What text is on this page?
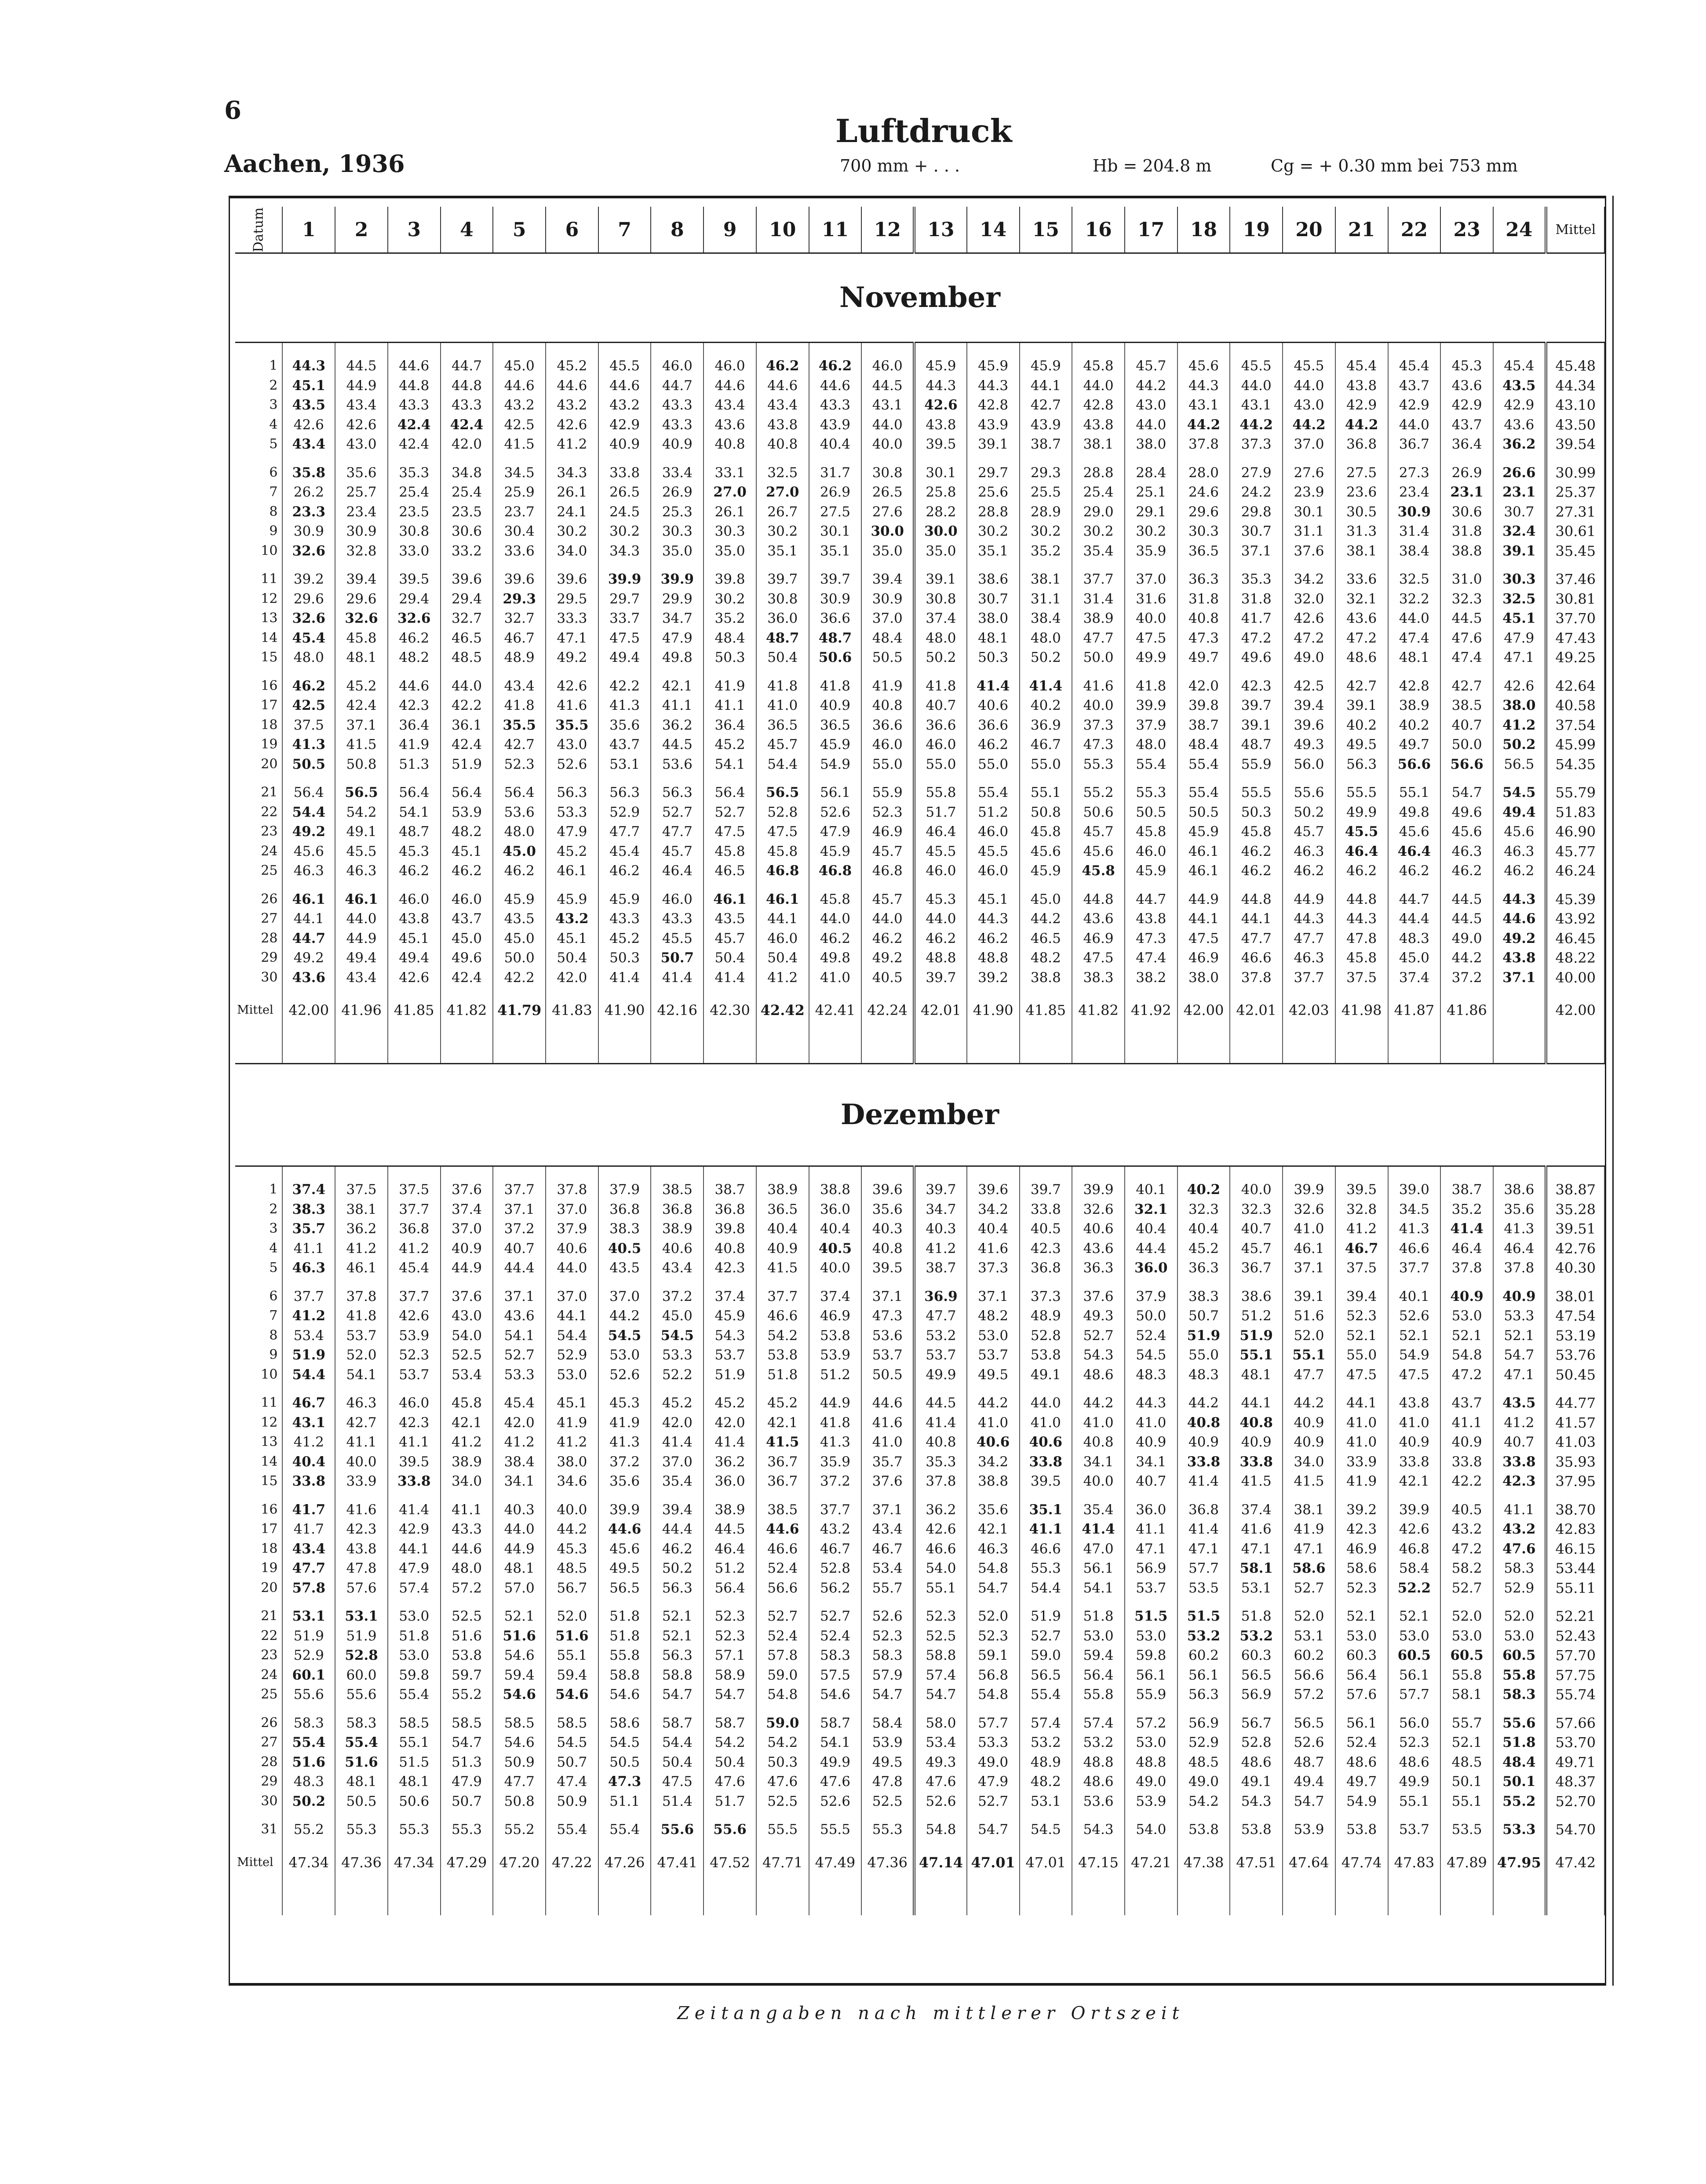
6
Aachen, 1936
Luftdruck
700 mm + . . .	Hb = 204.8 m	Cg = + 0.30 mm bei 753 mm
Datum	1	2	3	4	5	6	7	8	9	10	11	12	13	14	15	16	17	18	19	20	21	22	23	24	Mittel
November																									

1	44.3	44.5	44.6	44.7	45.0	45.2	45.5	46.0	46.0	46.2	46.2	46.0	45.9	45.9	45.9	45.8	45.7	45.6	45.5	45.5	45.4	45.4	45.3	45.4	45.48
2	45.1	44.9	44.8	44.8	44.6	44.6	44.6	44.7	44.6	44.6	44.6	44.5	44.3	44.3	44.1	44.0	44.2	44.3	44.0	44.0	43.8	43.7	43.6	43.5	44.34
3	43.5	43.4	43.3	43.3	43.2	43.2	43.2	43.3	43.4	43.4	43.3	43.1	42.6	42.8	42.7	42.8	43.0	43.1	43.1	43.0	42.9	42.9	42.9	42.9	43.10
4	42.6	42.6	42.4	42.4	42.5	42.6	42.9	43.3	43.6	43.8	43.9	44.0	43.8	43.9	43.9	43.8	44.0	44.2	44.2	44.2	44.2	44.0	43.7	43.6	43.50
5	43.4	43.0	42.4	42.0	41.5	41.2	40.9	40.9	40.8	40.8	40.4	40.0	39.5	39.1	38.7	38.1	38.0	37.8	37.3	37.0	36.8	36.7	36.4	36.2	39.54
6	35.8	35.6	35.3	34.8	34.5	34.3	33.8	33.4	33.1	32.5	31.7	30.8	30.1	29.7	29.3	28.8	28.4	28.0	27.9	27.6	27.5	27.3	26.9	26.6	30.99
7	26.2	25.7	25.4	25.4	25.9	26.1	26.5	26.9	27.0	27.0	26.9	26.5	25.8	25.6	25.5	25.4	25.1	24.6	24.2	23.9	23.6	23.4	23.1	23.1	25.37
8	23.3	23.4	23.5	23.5	23.7	24.1	24.5	25.3	26.1	26.7	27.5	27.6	28.2	28.8	28.9	29.0	29.1	29.6	29.8	30.1	30.5	30.9	30.6	30.7	27.31
9	30.9	30.9	30.8	30.6	30.4	30.2	30.2	30.3	30.3	30.2	30.1	30.0	30.0	30.2	30.2	30.2	30.2	30.3	30.7	31.1	31.3	31.4	31.8	32.4	30.61
10	32.6	32.8	33.0	33.2	33.6	34.0	34.3	35.0	35.0	35.1	35.1	35.0	35.0	35.1	35.2	35.4	35.9	36.5	37.1	37.6	38.1	38.4	38.8	39.1	35.45
11	39.2	39.4	39.5	39.6	39.6	39.6	39.9	39.9	39.8	39.7	39.7	39.4	39.1	38.6	38.1	37.7	37.0	36.3	35.3	34.2	33.6	32.5	31.0	30.3	37.46
12	29.6	29.6	29.4	29.4	29.3	29.5	29.7	29.9	30.2	30.8	30.9	30.9	30.8	30.7	31.1	31.4	31.6	31.8	31.8	32.0	32.1	32.2	32.3	32.5	30.81
13	32.6	32.6	32.6	32.7	32.7	33.3	33.7	34.7	35.2	36.0	36.6	37.0	37.4	38.0	38.4	38.9	40.0	40.8	41.7	42.6	43.6	44.0	44.5	45.1	37.70
14	45.4	45.8	46.2	46.5	46.7	47.1	47.5	47.9	48.4	48.7	48.7	48.4	48.0	48.1	48.0	47.7	47.5	47.3	47.2	47.2	47.2	47.4	47.6	47.9	47.43
15	48.0	48.1	48.2	48.5	48.9	49.2	49.4	49.8	50.3	50.4	50.6	50.5	50.2	50.3	50.2	50.0	49.9	49.7	49.6	49.0	48.6	48.1	47.4	47.1	49.25
16	46.2	45.2	44.6	44.0	43.4	42.6	42.2	42.1	41.9	41.8	41.8	41.9	41.8	41.4	41.4	41.6	41.8	42.0	42.3	42.5	42.7	42.8	42.7	42.6	42.64
17	42.5	42.4	42.3	42.2	41.8	41.6	41.3	41.1	41.1	41.0	40.9	40.8	40.7	40.6	40.2	40.0	39.9	39.8	39.7	39.4	39.1	38.9	38.5	38.0	40.58
18	37.5	37.1	36.4	36.1	35.5	35.5	35.6	36.2	36.4	36.5	36.5	36.6	36.6	36.6	36.9	37.3	37.9	38.7	39.1	39.6	40.2	40.2	40.7	41.2	37.54
19	41.3	41.5	41.9	42.4	42.7	43.0	43.7	44.5	45.2	45.7	45.9	46.0	46.0	46.2	46.7	47.3	48.0	48.4	48.7	49.3	49.5	49.7	50.0	50.2	45.99
20	50.5	50.8	51.3	51.9	52.3	52.6	53.1	53.6	54.1	54.4	54.9	55.0	55.0	55.0	55.0	55.3	55.4	55.4	55.9	56.0	56.3	56.6	56.6	56.5	54.35
21	56.4	56.5	56.4	56.4	56.4	56.3	56.3	56.3	56.4	56.5	56.1	55.9	55.8	55.4	55.1	55.2	55.3	55.4	55.5	55.6	55.5	55.1	54.7	54.5	55.79
22	54.4	54.2	54.1	53.9	53.6	53.3	52.9	52.7	52.7	52.8	52.6	52.3	51.7	51.2	50.8	50.6	50.5	50.5	50.3	50.2	49.9	49.8	49.6	49.4	51.83
23	49.2	49.1	48.7	48.2	48.0	47.9	47.7	47.7	47.5	47.5	47.9	46.9	46.4	46.0	45.8	45.7	45.8	45.9	45.8	45.7	45.5	45.6	45.6	45.6	46.90
24	45.6	45.5	45.3	45.1	45.0	45.2	45.4	45.7	45.8	45.8	45.9	45.7	45.5	45.5	45.6	45.6	46.0	46.1	46.2	46.3	46.4	46.4	46.3	46.3	45.77
25	46.3	46.3	46.2	46.2	46.2	46.1	46.2	46.4	46.5	46.8	46.8	46.8	46.0	46.0	45.9	45.8	45.9	46.1	46.2	46.2	46.2	46.2	46.2	46.2	46.24
26	46.1	46.1	46.0	46.0	45.9	45.9	45.9	46.0	46.1	46.1	45.8	45.7	45.3	45.1	45.0	44.8	44.7	44.9	44.8	44.9	44.8	44.7	44.5	44.3	45.39
27	44.1	44.0	43.8	43.7	43.5	43.2	43.3	43.3	43.5	44.1	44.0	44.0	44.0	44.3	44.2	43.6	43.8	44.1	44.1	44.3	44.3	44.4	44.5	44.6	43.92
28	44.7	44.9	45.1	45.0	45.0	45.1	45.2	45.5	45.7	46.0	46.2	46.2	46.2	46.2	46.5	46.9	47.3	47.5	47.7	47.7	47.8	48.3	49.0	49.2	46.45
29	49.2	49.4	49.4	49.6	50.0	50.4	50.3	50.7	50.4	50.4	49.8	49.2	48.8	48.8	48.2	47.5	47.4	46.9	46.6	46.3	45.8	45.0	44.2	43.8	48.22
30	43.6	43.4	42.6	42.4	42.2	42.0	41.4	41.4	41.4	41.2	41.0	40.5	39.7	39.2	38.8	38.3	38.2	38.0	37.8	37.7	37.5	37.4	37.2	37.1	40.00
Mittel	42.00	41.96	41.85	41.82	41.79	41.83	41.90	42.16	42.30	42.42	42.41	42.24	42.01	41.90	41.85	41.82	41.92	42.00	42.01	42.03	41.98	41.87	41.86		42.00
Dezember																									

1	37.4	37.5	37.5	37.6	37.7	37.8	37.9	38.5	38.7	38.9	38.8	39.6	39.7	39.6	39.7	39.9	40.1	40.2	40.0	39.9	39.5	39.0	38.7	38.6	38.87
2	38.3	38.1	37.7	37.4	37.1	37.0	36.8	36.8	36.8	36.5	36.0	35.6	34.7	34.2	33.8	32.6	32.1	32.3	32.3	32.6	32.8	34.5	35.2	35.6	35.28
3	35.7	36.2	36.8	37.0	37.2	37.9	38.3	38.9	39.8	40.4	40.4	40.3	40.3	40.4	40.5	40.6	40.4	40.4	40.7	41.0	41.2	41.3	41.4	41.3	39.51
4	41.1	41.2	41.2	40.9	40.7	40.6	40.5	40.6	40.8	40.9	40.5	40.8	41.2	41.6	42.3	43.6	44.4	45.2	45.7	46.1	46.7	46.6	46.4	46.4	42.76
5	46.3	46.1	45.4	44.9	44.4	44.0	43.5	43.4	42.3	41.5	40.0	39.5	38.7	37.3	36.8	36.3	36.0	36.3	36.7	37.1	37.5	37.7	37.8	37.8	40.30
6	37.7	37.8	37.7	37.6	37.1	37.0	37.0	37.2	37.4	37.7	37.4	37.1	36.9	37.1	37.3	37.6	37.9	38.3	38.6	39.1	39.4	40.1	40.9	40.9	38.01
7	41.2	41.8	42.6	43.0	43.6	44.1	44.2	45.0	45.9	46.6	46.9	47.3	47.7	48.2	48.9	49.3	50.0	50.7	51.2	51.6	52.3	52.6	53.0	53.3	47.54
8	53.4	53.7	53.9	54.0	54.1	54.4	54.5	54.5	54.3	54.2	53.8	53.6	53.2	53.0	52.8	52.7	52.4	51.9	51.9	52.0	52.1	52.1	52.1	52.1	53.19
9	51.9	52.0	52.3	52.5	52.7	52.9	53.0	53.3	53.7	53.8	53.9	53.7	53.7	53.7	53.8	54.3	54.5	55.0	55.1	55.1	55.0	54.9	54.8	54.7	53.76
10	54.4	54.1	53.7	53.4	53.3	53.0	52.6	52.2	51.9	51.8	51.2	50.5	49.9	49.5	49.1	48.6	48.3	48.3	48.1	47.7	47.5	47.5	47.2	47.1	50.45
11	46.7	46.3	46.0	45.8	45.4	45.1	45.3	45.2	45.2	45.2	44.9	44.6	44.5	44.2	44.0	44.2	44.3	44.2	44.1	44.2	44.1	43.8	43.7	43.5	44.77
12	43.1	42.7	42.3	42.1	42.0	41.9	41.9	42.0	42.0	42.1	41.8	41.6	41.4	41.0	41.0	41.0	41.0	40.8	40.8	40.9	41.0	41.0	41.1	41.2	41.57
13	41.2	41.1	41.1	41.2	41.2	41.2	41.3	41.4	41.4	41.5	41.3	41.0	40.8	40.6	40.6	40.8	40.9	40.9	40.9	40.9	41.0	40.9	40.9	40.7	41.03
14	40.4	40.0	39.5	38.9	38.4	38.0	37.2	37.0	36.2	36.7	35.9	35.7	35.3	34.2	33.8	34.1	34.1	33.8	33.8	34.0	33.9	33.8	33.8	33.8	35.93
15	33.8	33.9	33.8	34.0	34.1	34.6	35.6	35.4	36.0	36.7	37.2	37.6	37.8	38.8	39.5	40.0	40.7	41.4	41.5	41.5	41.9	42.1	42.2	42.3	37.95
16	41.7	41.6	41.4	41.1	40.3	40.0	39.9	39.4	38.9	38.5	37.7	37.1	36.2	35.6	35.1	35.4	36.0	36.8	37.4	38.1	39.2	39.9	40.5	41.1	38.70
17	41.7	42.3	42.9	43.3	44.0	44.2	44.6	44.4	44.5	44.6	43.2	43.4	42.6	42.1	41.1	41.4	41.1	41.4	41.6	41.9	42.3	42.6	43.2	43.2	42.83
18	43.4	43.8	44.1	44.6	44.9	45.3	45.6	46.2	46.4	46.6	46.7	46.7	46.6	46.3	46.6	47.0	47.1	47.1	47.1	47.1	46.9	46.8	47.2	47.6	46.15
19	47.7	47.8	47.9	48.0	48.1	48.5	49.5	50.2	51.2	52.4	52.8	53.4	54.0	54.8	55.3	56.1	56.9	57.7	58.1	58.6	58.6	58.4	58.2	58.3	53.44
20	57.8	57.6	57.4	57.2	57.0	56.7	56.5	56.3	56.4	56.6	56.2	55.7	55.1	54.7	54.4	54.1	53.7	53.5	53.1	52.7	52.3	52.2	52.7	52.9	55.11
21	53.1	53.1	53.0	52.5	52.1	52.0	51.8	52.1	52.3	52.7	52.7	52.6	52.3	52.0	51.9	51.8	51.5	51.5	51.8	52.0	52.1	52.1	52.0	52.0	52.21
22	51.9	51.9	51.8	51.6	51.6	51.6	51.8	52.1	52.3	52.4	52.4	52.3	52.5	52.3	52.7	53.0	53.0	53.2	53.2	53.1	53.0	53.0	53.0	53.0	52.43
23	52.9	52.8	53.0	53.8	54.6	55.1	55.8	56.3	57.1	57.8	58.3	58.3	58.8	59.1	59.0	59.4	59.8	60.2	60.3	60.2	60.3	60.5	60.5	60.5	57.70
24	60.1	60.0	59.8	59.7	59.4	59.4	58.8	58.8	58.9	59.0	57.5	57.9	57.4	56.8	56.5	56.4	56.1	56.1	56.5	56.6	56.4	56.1	55.8	55.8	57.75
25	55.6	55.6	55.4	55.2	54.6	54.6	54.6	54.7	54.7	54.8	54.6	54.7	54.7	54.8	55.4	55.8	55.9	56.3	56.9	57.2	57.6	57.7	58.1	58.3	55.74
26	58.3	58.3	58.5	58.5	58.5	58.5	58.6	58.7	58.7	59.0	58.7	58.4	58.0	57.7	57.4	57.4	57.2	56.9	56.7	56.5	56.1	56.0	55.7	55.6	57.66
27	55.4	55.4	55.1	54.7	54.6	54.5	54.5	54.4	54.2	54.2	54.1	53.9	53.4	53.3	53.2	53.2	53.0	52.9	52.8	52.6	52.4	52.3	52.1	51.8	53.70
28	51.6	51.6	51.5	51.3	50.9	50.7	50.5	50.4	50.4	50.3	49.9	49.5	49.3	49.0	48.9	48.8	48.8	48.5	48.6	48.7	48.6	48.6	48.5	48.4	49.71
29	48.3	48.1	48.1	47.9	47.7	47.4	47.3	47.5	47.6	47.6	47.6	47.8	47.6	47.9	48.2	48.6	49.0	49.0	49.1	49.4	49.7	49.9	50.1	50.1	48.37
30	50.2	50.5	50.6	50.7	50.8	50.9	51.1	51.4	51.7	52.5	52.6	52.5	52.6	52.7	53.1	53.6	53.9	54.2	54.3	54.7	54.9	55.1	55.1	55.2	52.70
31	55.2	55.3	55.3	55.3	55.2	55.4	55.4	55.6	55.6	55.5	55.5	55.3	54.8	54.7	54.5	54.3	54.0	53.8	53.8	53.9	53.8	53.7	53.5	53.3	54.70
Mittel	47.34	47.36	47.34	47.29	47.20	47.22	47.26	47.41	47.52	47.71	47.49	47.36	47.14	47.01	47.01	47.15	47.21	47.38	47.51	47.64	47.74	47.83	47.89	47.95	47.42
Zeitangaben nach mittlerer Ortszeit
